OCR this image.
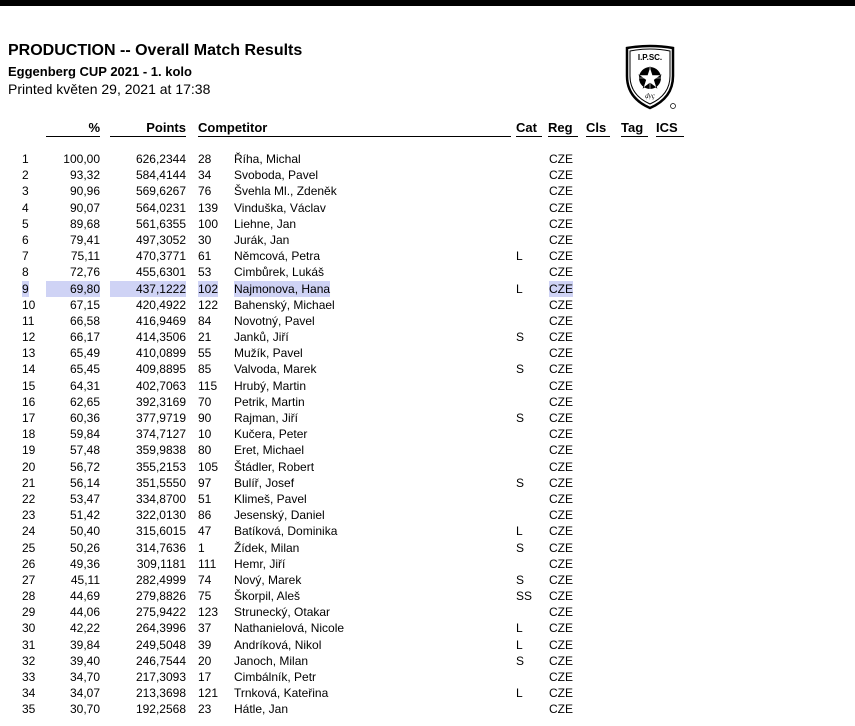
PRODUCTION -- Overall Match Results
Eggenberg CUP 2021 - 1. kolo
Printed květen 29, 2021 at 17:38
I.P.SC.
ḍṿç
%	Points Competitor	Cat Reg	Cls Tag ICS
1	100,00	626,2344 28 Říha, Michal	CZE
2	93,32	584,4144 34 Svoboda, Pavel	CZE
3	90,96	569,6267 76 Švehla Ml., Zdeněk	CZE
4	90,07	564,0231 139 Vinduška, Václav	CZE
5	89,68	561,6355 100 Liehne, Jan	CZE
6	79,41	497,3052 30 Jurák, Jan	CZE
7	75,11	470,3771 61 Němcová, Petra	L CZE
8	72,76	455,6301 53 Cimbůrek, Lukáš	CZE
9	69,80	437,1222 102 Najmonova, Hana	L CZE
10	67,15	420,4922 122 Bahenský, Michael	CZE
11	66,58	416,9469 84 Novotný, Pavel	CZE
12	66,17	414,3506 21 Janků, Jiří	S CZE
13	65,49	410,0899 55 Mužík, Pavel	CZE
14	65,45	409,8895 85 Valvoda, Marek	S CZE
15	64,31	402,7063 115 Hrubý, Martin	CZE
16	62,65	392,3169 70 Petrik, Martin	CZE
17	60,36	377,9719 90 Rajman, Jiří	S CZE
18	59,84	374,7127 10 Kučera, Peter	CZE
19	57,48	359,9838 80 Eret, Michael	CZE
20	56,72	355,2153 105 Štádler, Robert	CZE
21	56,14	351,5550 97 Bulíř, Josef	S CZE
22	53,47	334,8700 51 Klimeš, Pavel	CZE
23	51,42	322,0130 86 Jesenský, Daniel	CZE
24	50,40	315,6015 47 Batíková, Dominika	L CZE
25	50,26	314,7636 1 Žídek, Milan	S CZE
26	49,36	309,1181 111 Hemr, Jiří	CZE
27	45,11	282,4999 74 Nový, Marek	S CZE
28	44,69	279,8826 75 Škorpil, Aleš	SS CZE
29	44,06	275,9422 123 Strunecký, Otakar	CZE
30	42,22	264,3996 37 Nathanielová, Nicole	L CZE
31	39,84	249,5048 39 Andríková, Nikol	L CZE
32	39,40	246,7544 20 Janoch, Milan	S CZE
33	34,70	217,3093 17 Cimbálník, Petr	CZE
34	34,07	213,3698 121 Trnková, Kateřina	L CZE
35	30,70	192,2568 23 Hátle, Jan	CZE
